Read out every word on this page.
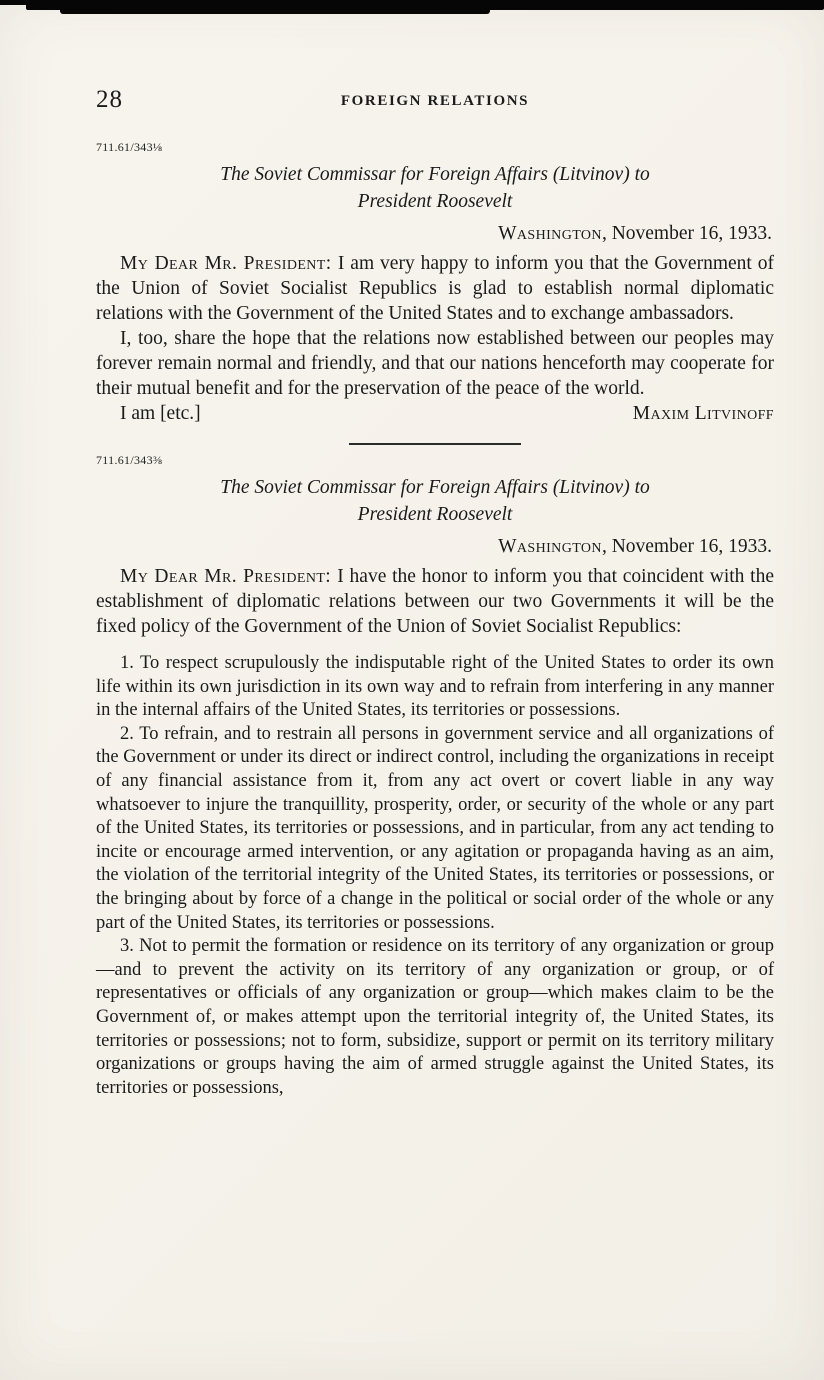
28	FOREIGN RELATIONS
711.61/343⅛
The Soviet Commissar for Foreign Affairs (Litvinov) to
President Roosevelt

Washington, November 16, 1933.

My Dear Mr. President: I am very happy to inform you that the Government of the Union of Soviet Socialist Republics is glad to establish normal diplomatic relations with the Government of the United States and to exchange ambassadors.

I, too, share the hope that the relations now established between our peoples may forever remain normal and friendly, and that our nations henceforth may cooperate for their mutual benefit and for the preservation of the peace of the world.

I am [etc.]	Maxim Litvinoff
711.61/343⅜
The Soviet Commissar for Foreign Affairs (Litvinov) to
President Roosevelt

Washington, November 16, 1933.

My Dear Mr. President: I have the honor to inform you that coincident with the establishment of diplomatic relations between our two Governments it will be the fixed policy of the Government of the Union of Soviet Socialist Republics:

1. To respect scrupulously the indisputable right of the United States to order its own life within its own jurisdiction in its own way and to refrain from interfering in any manner in the internal affairs of the United States, its territories or possessions.

2. To refrain, and to restrain all persons in government service and all organizations of the Government or under its direct or indirect control, including the organizations in receipt of any financial assistance from it, from any act overt or covert liable in any way whatsoever to injure the tranquillity, prosperity, order, or security of the whole or any part of the United States, its territories or possessions, and in particular, from any act tending to incite or encourage armed intervention, or any agitation or propaganda having as an aim, the violation of the territorial integrity of the United States, its territories or possessions, or the bringing about by force of a change in the political or social order of the whole or any part of the United States, its territories or possessions.

3. Not to permit the formation or residence on its territory of any organization or group—and to prevent the activity on its territory of any organization or group, or of representatives or officials of any organization or group—which makes claim to be the Government of, or makes attempt upon the territorial integrity of, the United States, its territories or possessions; not to form, subsidize, support or permit on its territory military organizations or groups having the aim of armed struggle against the United States, its territories or possessions,
